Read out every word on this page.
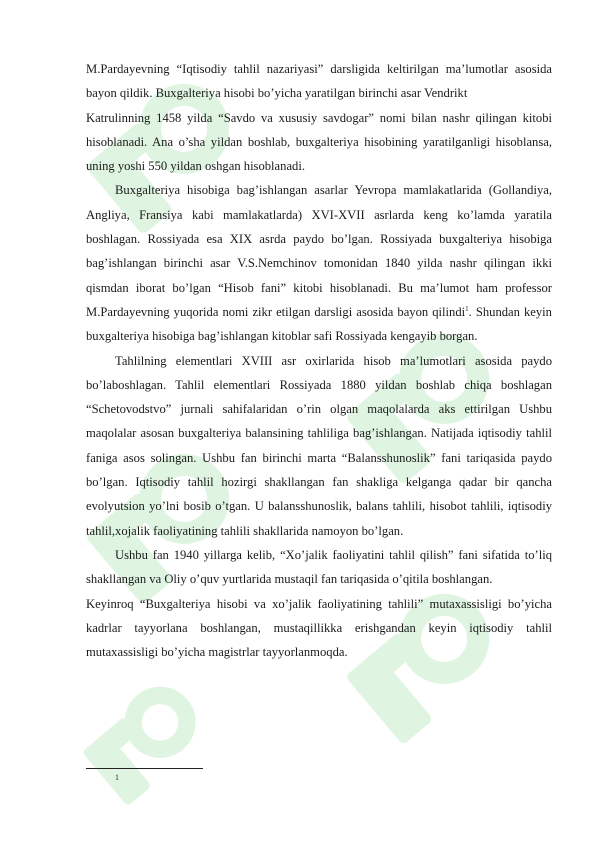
M.Pardayevning “Iqtisodiy tahlil nazariyasi” darsligida keltirilgan ma’lumotlar asosida bayon qildik. Buxgalteriya hisobi bo’yicha yaratilgan birinchi asar Vendrikt

Katrulinning 1458 yilda “Savdo va xususiy savdogar” nomi bilan nashr qilingan kitobi hisoblanadi. Ana o’sha yildan boshlab, buxgalteriya hisobining yaratilganligi hisoblansa, uning yoshi 550 yildan oshgan hisoblanadi.

Buxgalteriya hisobiga bag’ishlangan asarlar Yevropa mamlakatlarida (Gollandiya, Angliya, Fransiya kabi mamlakatlarda) XVI-XVII asrlarda keng ko’lamda yaratila boshlagan. Rossiyada esa XIX asrda paydo bo’lgan. Rossiyada buxgalteriya hisobiga bag’ishlangan birinchi asar V.S.Nemchinov tomonidan 1840 yilda nashr qilingan ikki qismdan iborat bo’lgan “Hisob fani” kitobi hisoblanadi. Bu ma’lumot ham professor M.Pardayevning yuqorida nomi zikr etilgan darsligi asosida bayon qilindi$^1$. Shundan keyin buxgalteriya hisobiga bag’ishlangan kitoblar safi Rossiyada kengayib borgan.

Tahlilning elementlari XVIII asr oxirlarida hisob ma’lumotlari asosida paydo bo’laboshlagan. Tahlil elementlari Rossiyada 1880 yildan boshlab chiqa boshlagan “Schetovodstvo” jurnali sahifalaridan o’rin olgan maqolalarda aks ettirilgan Ushbu maqolalar asosan buxgalteriya balansining tahliliga bag’ishlangan. Natijada iqtisodiy tahlil faniga asos solingan. Ushbu fan birinchi marta “Balansshunoslik” fani tariqasida paydo bo’lgan. Iqtisodiy tahlil hozirgi shakllangan fan shakliga kelganga qadar bir qancha evolyutsion yo’lni bosib o’tgan. U balansshunoslik, balans tahlili, hisobot tahlili, iqtisodiy tahlil,xojalik faoliyatining tahlili shakllarida namoyon bo’lgan.

Ushbu fan 1940 yillarga kelib, “Xo’jalik faoliyatini tahlil qilish” fani sifatida to’liq shakllangan va Oliy o’quv yurtlarida mustaqil fan tariqasida o’qitila boshlangan.

Keyinroq “Buxgalteriya hisobi va xo’jalik faoliyatining tahlili” mutaxassisligi bo’yicha kadrlar tayyorlana boshlangan, mustaqillikka erishgandan keyin iqtisodiy tahlil mutaxassisligi bo’yicha magistrlar tayyorlanmoqda.

1
